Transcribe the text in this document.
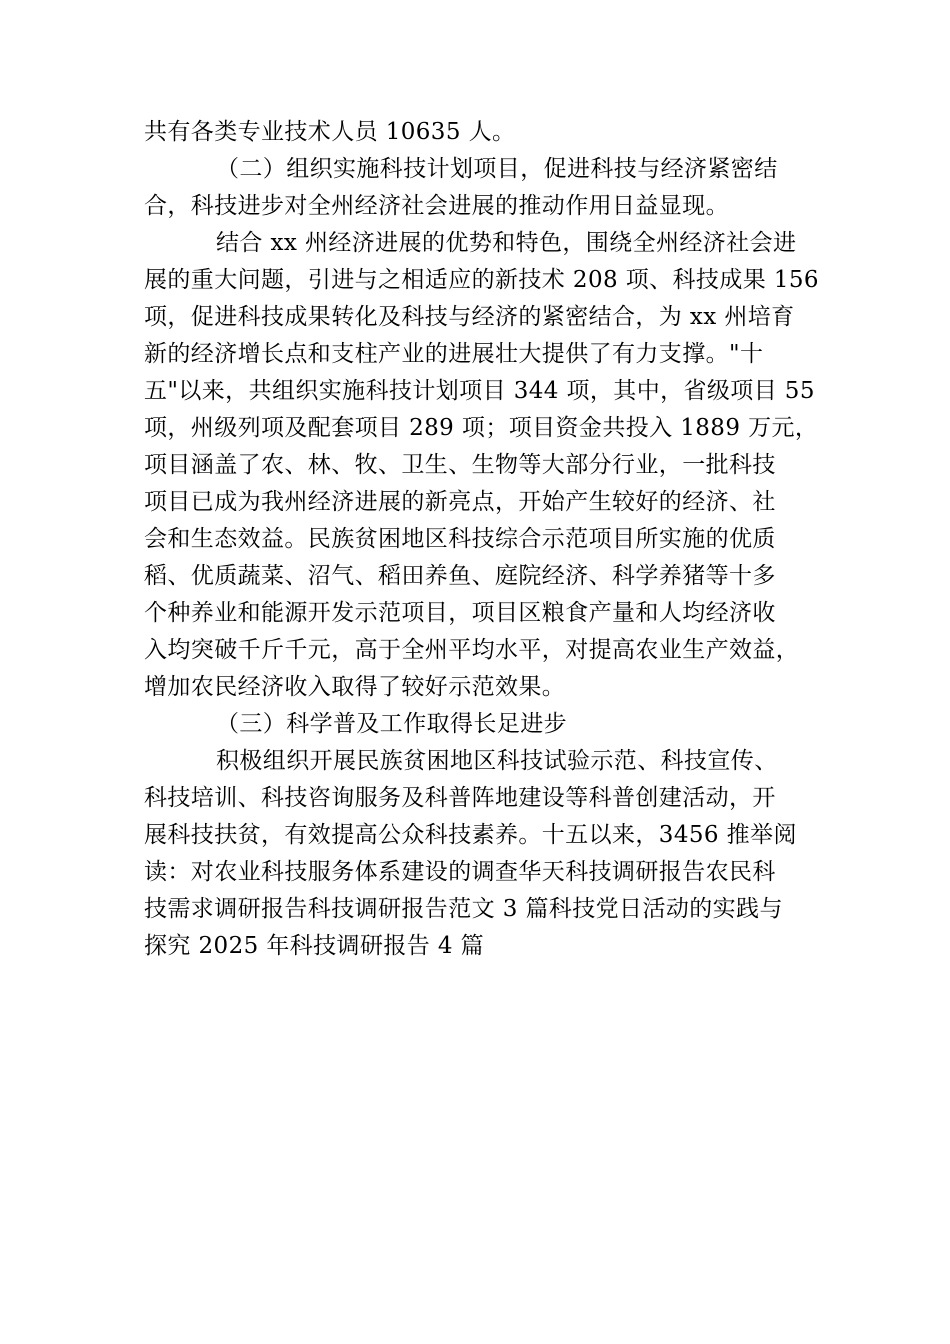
共有各类专业技术人员 10635 人。
（二）组织实施科技计划项目，促进科技与经济紧密结
合，科技进步对全州经济社会进展的推动作用日益显现。
结合 xx 州经济进展的优势和特色，围绕全州经济社会进
展的重大问题，引进与之相适应的新技术 208 项、科技成果 156
项，促进科技成果转化及科技与经济的紧密结合，为 xx 州培育
新的经济增长点和支柱产业的进展壮大提供了有力支撑。"十
五"以来，共组织实施科技计划项目 344 项，其中，省级项目 55
项，州级列项及配套项目 289 项；项目资金共投入 1889 万元，
项目涵盖了农、林、牧、卫生、生物等大部分行业，一批科技
项目已成为我州经济进展的新亮点，开始产生较好的经济、社
会和生态效益。民族贫困地区科技综合示范项目所实施的优质
稻、优质蔬菜、沼气、稻田养鱼、庭院经济、科学养猪等十多
个种养业和能源开发示范项目，项目区粮食产量和人均经济收
入均突破千斤千元，高于全州平均水平，对提高农业生产效益，
增加农民经济收入取得了较好示范效果。
（三）科学普及工作取得长足进步
积极组织开展民族贫困地区科技试验示范、科技宣传、
科技培训、科技咨询服务及科普阵地建设等科普创建活动，开
展科技扶贫，有效提高公众科技素养。十五以来，3456 推举阅
读：对农业科技服务体系建设的调查华天科技调研报告农民科
技需求调研报告科技调研报告范文 3 篇科技党日活动的实践与
探究 2025 年科技调研报告 4 篇
